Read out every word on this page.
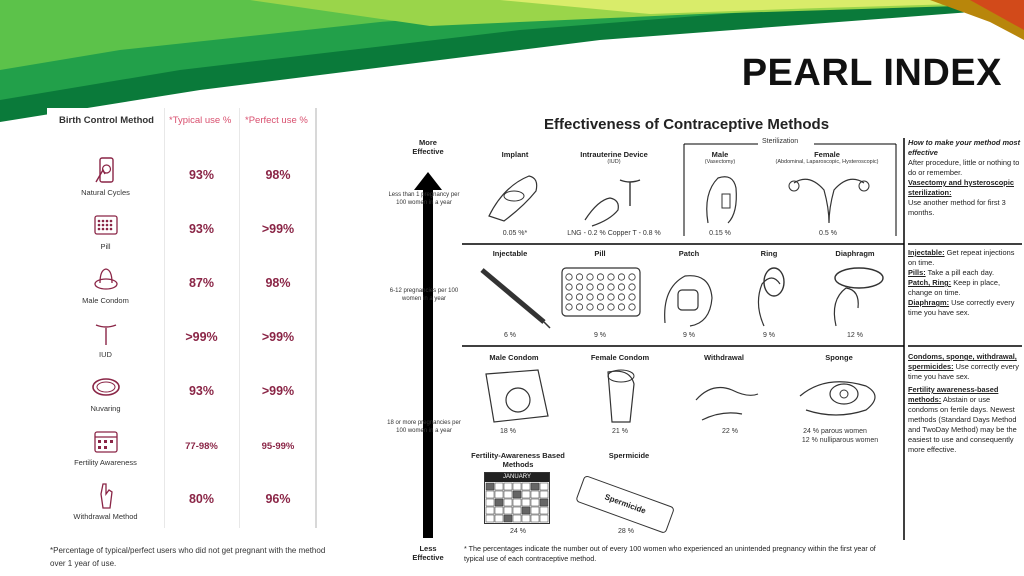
PEARL INDEX
Birth Control Method *Typical use % *Perfect use %
Natural Cycles
93%	98%
Pill
93%	>99%
Male Condom
87%	98%
IUD
>99%	>99%
Nuvaring
93%	>99%
Fertility Awareness
77-98%	95-99%
Withdrawal Method
80%	96%
*Percentage of typical/perfect users who did not get pregnant with the method over 1 year of use.
Effectiveness of Contraceptive Methods
More Effective
Less Effective
Less than 1 pregnancy per 100 women in a year
6-12 pregnancies per 100 women in a year
18 or more pregnancies per 100 women in a year
Sterilization
Implant	Intrauterine Device
(IUD)
Male
(Vasectomy)
Female
(Abdominal, Laparoscopic, Hysteroscopic)
0.05 %*	LNG - 0.2 % Copper T - 0.8 %	0.15 %	0.5 %
How to make your method most effective
After procedure, little or nothing to do or remember.
Vasectomy and hysteroscopic sterilization:
Use another method for first 3 months.
Injectable	Pill	Patch	Ring	Diaphragm
6 %	9 %	9 %	9 %	12 %
Injectable: Get repeat injections on time.
Pills: Take a pill each day.
Patch, Ring: Keep in place, change on time.
Diaphragm: Use correctly every time you have sex.
Male Condom	Female Condom	Withdrawal	Sponge
18 %	21 %	22 %	24 % parous women
12 % nulliparous women
Fertility-Awareness Based Methods
Spermicide
JANUARY
Spermicide
24 %	28 %
Condoms, sponge, withdrawal, spermicides: Use correctly every time you have sex.
Fertility awareness-based methods: Abstain or use condoms on fertile days. Newest methods (Standard Days Method and TwoDay Method) may be the easiest to use and consequently more effective.
* The percentages indicate the number out of every 100 women who experienced an unintended pregnancy within the first year of typical use of each contraceptive method.
